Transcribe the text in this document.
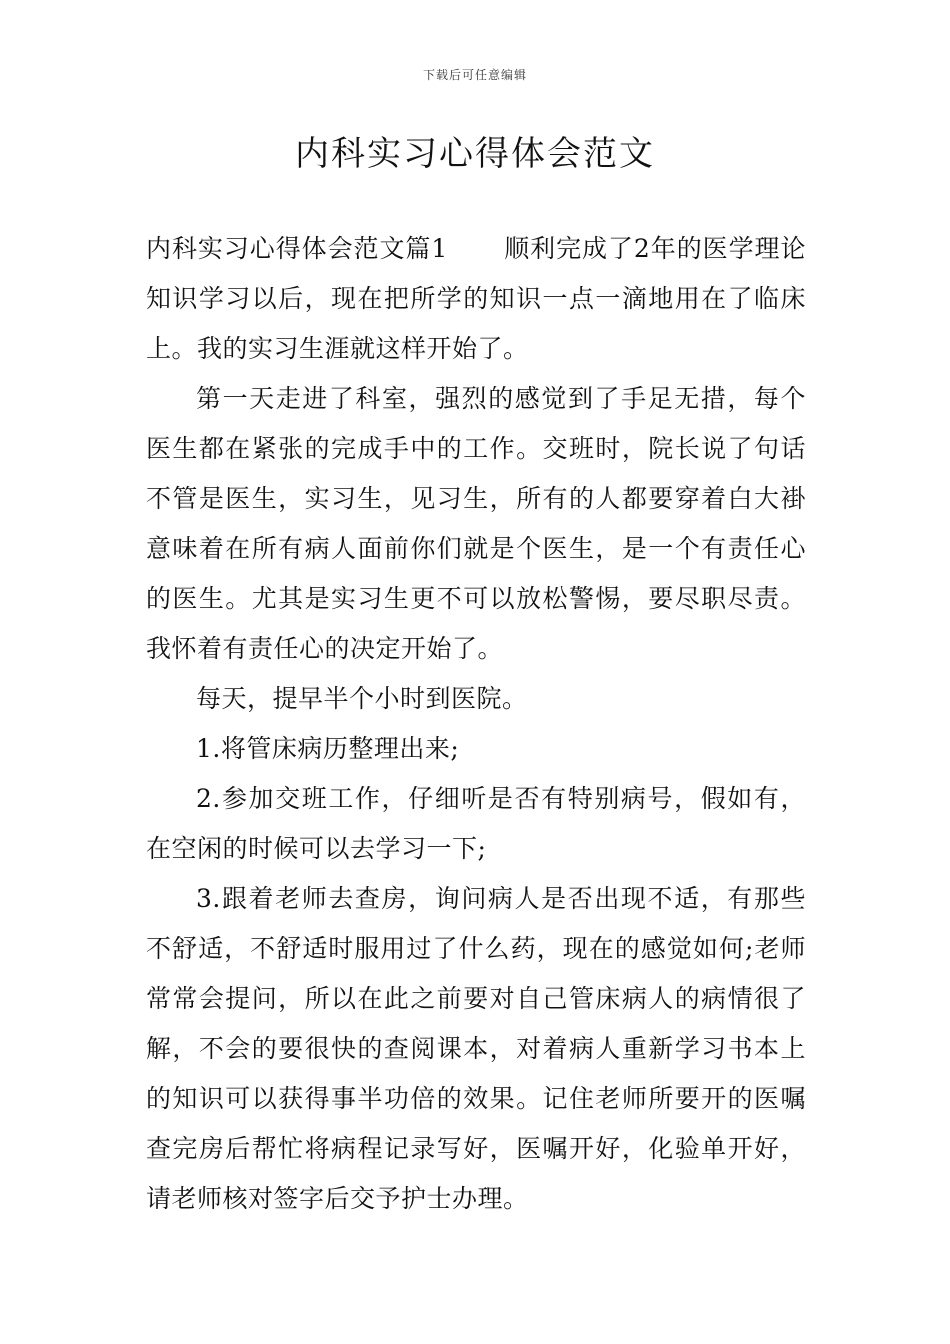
下载后可任意编辑
内科实习心得体会范文

内科实习心得体会范文篇1 顺利完成了2年的医学理论知识学习以后，现在把所学的知识一点一滴地用在了临床上。我的实习生涯就这样开始了。

第一天走进了科室，强烈的感觉到了手足无措，每个医生都在紧张的完成手中的工作。交班时，院长说了句话不管是医生，实习生，见习生，所有的人都要穿着白大褂意味着在所有病人面前你们就是个医生，是一个有责任心的医生。尤其是实习生更不可以放松警惕，要尽职尽责。我怀着有责任心的决定开始了。

每天，提早半个小时到医院。

1.将管床病历整理出来;

2.参加交班工作，仔细听是否有特别病号，假如有，在空闲的时候可以去学习一下;

3.跟着老师去查房，询问病人是否出现不适，有那些不舒适，不舒适时服用过了什么药，现在的感觉如何;老师常常会提问，所以在此之前要对自己管床病人的病情很了解，不会的要很快的查阅课本，对着病人重新学习书本上的知识可以获得事半功倍的效果。记住老师所要开的医嘱查完房后帮忙将病程记录写好，医嘱开好，化验单开好，请老师核对签字后交予护士办理。
